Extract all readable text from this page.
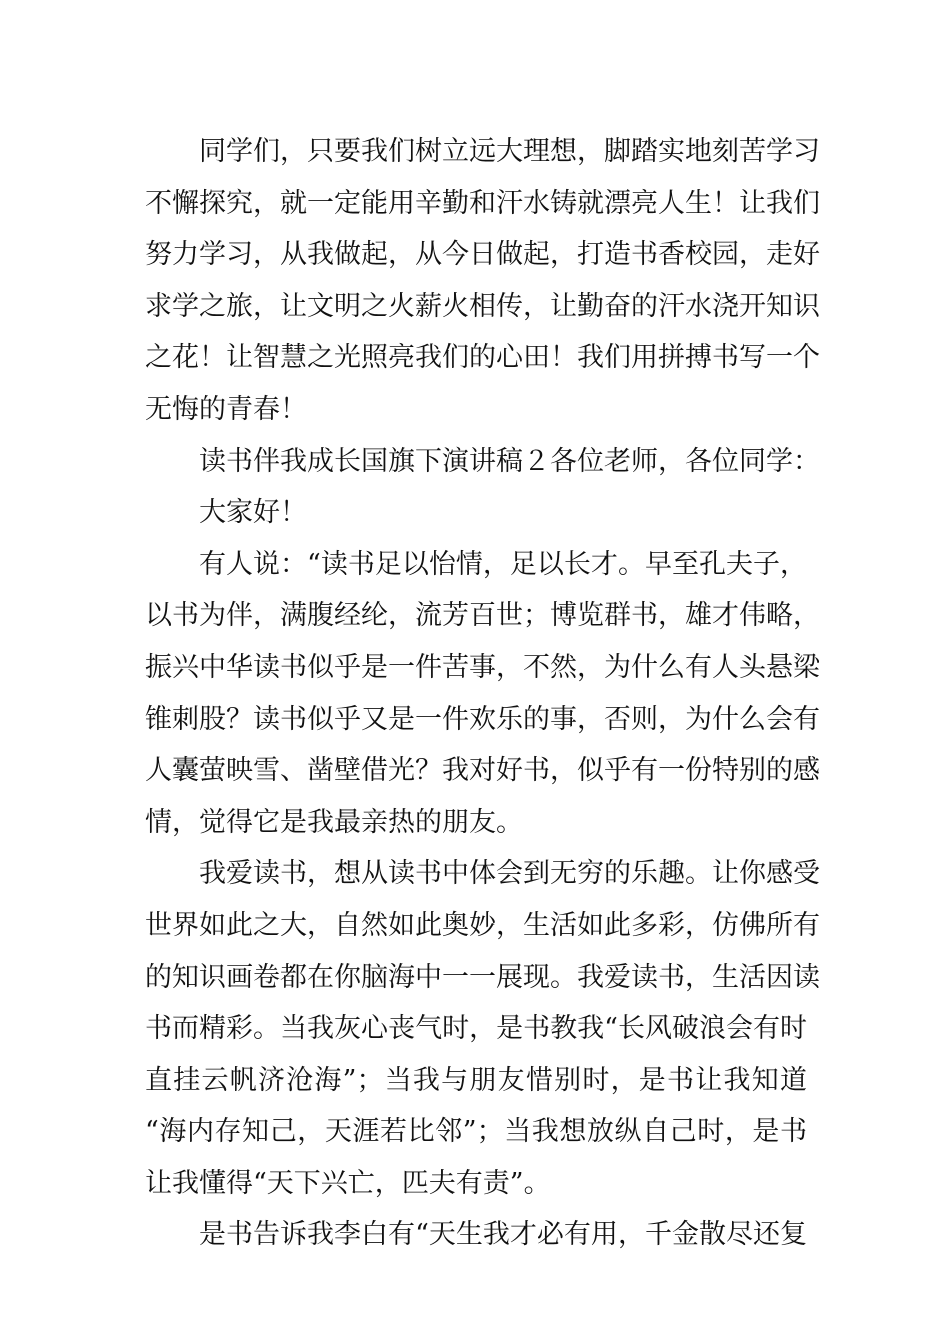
同学们，只要我们树立远大理想，脚踏实地刻苦学习
不懈探究，就一定能用辛勤和汗水铸就漂亮人生！让我们
努力学习，从我做起，从今日做起，打造书香校园，走好
求学之旅，让文明之火薪火相传，让勤奋的汗水浇开知识
之花！让智慧之光照亮我们的心田！我们用拼搏书写一个
无悔的青春！
读书伴我成长国旗下演讲稿２各位老师，各位同学：
大家好！
有人说：“读书足以怡情，足以长才。早至孔夫子，
以书为伴，满腹经纶，流芳百世；博览群书，雄才伟略，
振兴中华读书似乎是一件苦事，不然，为什么有人头悬梁
锥刺股？读书似乎又是一件欢乐的事，否则，为什么会有
人囊萤映雪、凿壁借光？我对好书，似乎有一份特别的感
情，觉得它是我最亲热的朋友。
我爱读书，想从读书中体会到无穷的乐趣。让你感受
世界如此之大，自然如此奥妙，生活如此多彩，仿佛所有
的知识画卷都在你脑海中一一展现。我爱读书，生活因读
书而精彩。当我灰心丧气时，是书教我“长风破浪会有时
直挂云帆济沧海”；当我与朋友惜别时，是书让我知道
“海内存知己，天涯若比邻”；当我想放纵自己时，是书
让我懂得“天下兴亡，匹夫有责”。
是书告诉我李白有“天生我才必有用，千金散尽还复
